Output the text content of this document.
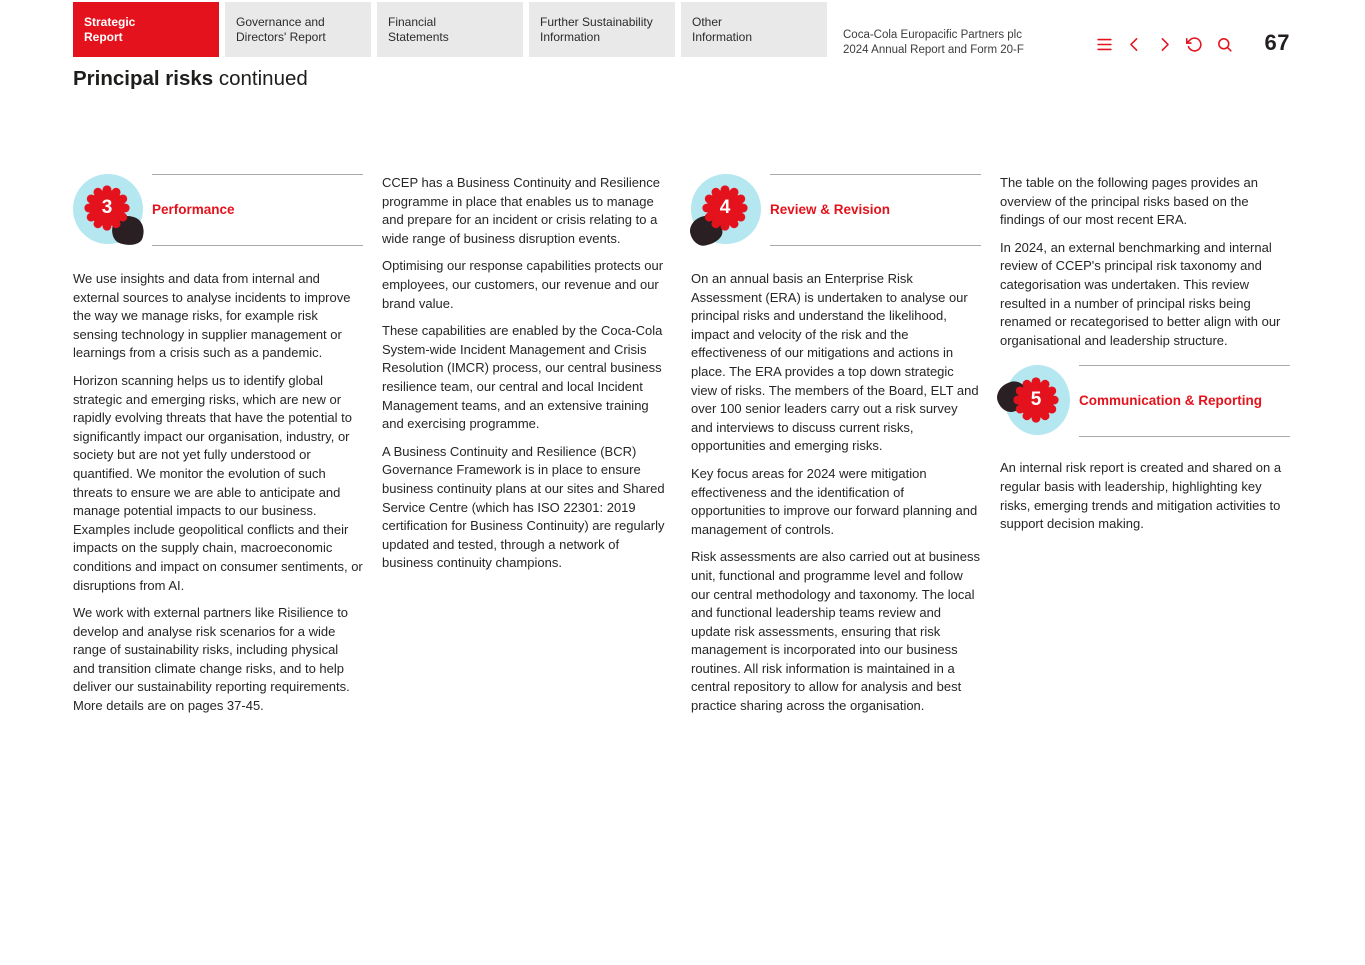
Strategic Report
Governance and Directors' Report
Financial Statements
Further Sustainability Information
Other Information	Coca-Cola Europacific Partners plc
2024 Annual Report and Form 20-F	67
Principal risks continued
3	Performance

We use insights and data from internal and external sources to analyse incidents to improve the way we manage risks, for example risk sensing technology in supplier management or learnings from a crisis such as a pandemic.

Horizon scanning helps us to identify global strategic and emerging risks, which are new or rapidly evolving threats that have the potential to significantly impact our organisation, industry, or society but are not yet fully understood or quantified. We monitor the evolution of such threats to ensure we are able to anticipate and manage potential impacts to our business. Examples include geopolitical conflicts and their impacts on the supply chain, macroeconomic conditions and impact on consumer sentiments, or disruptions from AI.

We work with external partners like Risilience to develop and analyse risk scenarios for a wide range of sustainability risks, including physical and transition climate change risks, and to help deliver our sustainability reporting requirements. More details are on pages 37-45.

CCEP has a Business Continuity and Resilience programme in place that enables us to manage and prepare for an incident or crisis relating to a wide range of business disruption events.

Optimising our response capabilities protects our employees, our customers, our revenue and our brand value.

These capabilities are enabled by the Coca-Cola System-wide Incident Management and Crisis Resolution (IMCR) process, our central business resilience team, our central and local Incident Management teams, and an extensive training and exercising programme.

A Business Continuity and Resilience (BCR) Governance Framework is in place to ensure business continuity plans at our sites and Shared Service Centre (which has ISO 22301: 2019 certification for Business Continuity) are regularly updated and tested, through a network of business continuity champions.

4	Review & Revision

On an annual basis an Enterprise Risk Assessment (ERA) is undertaken to analyse our principal risks and understand the likelihood, impact and velocity of the risk and the effectiveness of our mitigations and actions in place. The ERA provides a top down strategic view of risks. The members of the Board, ELT and over 100 senior leaders carry out a risk survey and interviews to discuss current risks, opportunities and emerging risks.

Key focus areas for 2024 were mitigation effectiveness and the identification of opportunities to improve our forward planning and management of controls.

Risk assessments are also carried out at business unit, functional and programme level and follow our central methodology and taxonomy. The local and functional leadership teams review and update risk assessments, ensuring that risk management is incorporated into our business routines. All risk information is maintained in a central repository to allow for analysis and best practice sharing across the organisation.

The table on the following pages provides an overview of the principal risks based on the findings of our most recent ERA.

In 2024, an external benchmarking and internal review of CCEP's principal risk taxonomy and categorisation was undertaken. This review resulted in a number of principal risks being renamed or recategorised to better align with our organisational and leadership structure.

5	Communication & Reporting

An internal risk report is created and shared on a regular basis with leadership, highlighting key risks, emerging trends and mitigation activities to support decision making.
